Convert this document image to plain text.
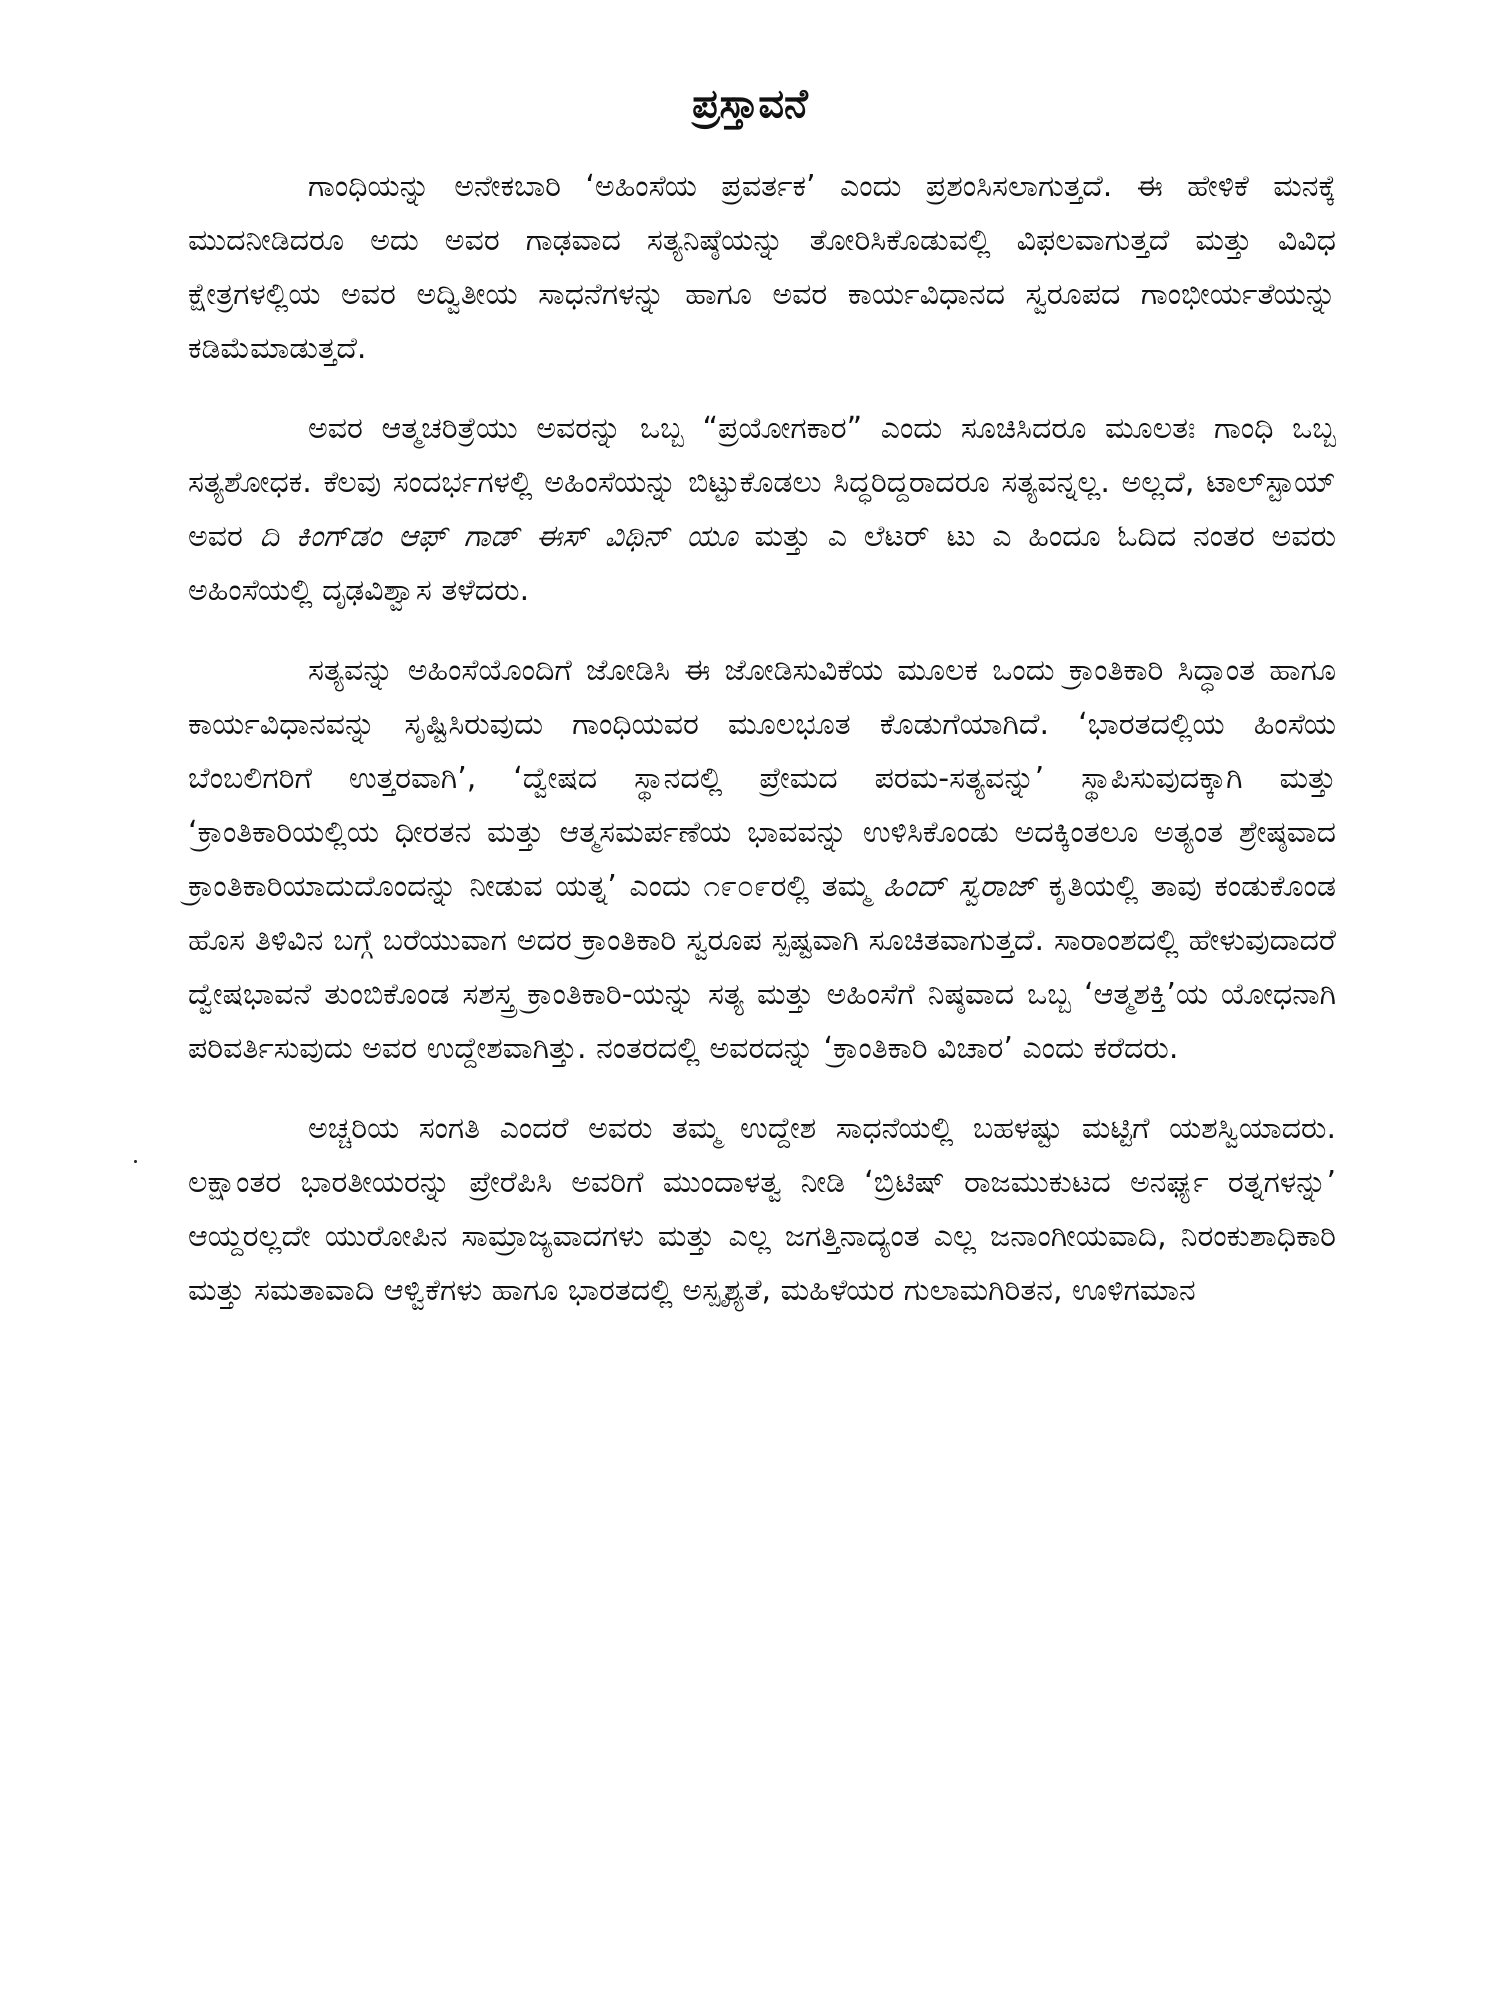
ಪ್ರಸ್ತಾವನೆ

ಗಾಂಧಿಯನ್ನು ಅನೇಕಬಾರಿ ‘ಅಹಿಂಸೆಯ ಪ್ರವರ್ತಕ’ ಎಂದು ಪ್ರಶಂಸಿಸಲಾಗುತ್ತದೆ. ಈ ಹೇಳಿಕೆ ಮನಕ್ಕೆ ಮುದನೀಡಿದರೂ ಅದು ಅವರ ಗಾಢವಾದ ಸತ್ಯನಿಷ್ಠೆಯನ್ನು ತೋರಿಸಿಕೊಡುವಲ್ಲಿ ವಿಫಲವಾಗುತ್ತದೆ ಮತ್ತು ವಿವಿಧ ಕ್ಷೇತ್ರಗಳಲ್ಲಿಯ ಅವರ ಅದ್ವಿತೀಯ ಸಾಧನೆಗಳನ್ನು ಹಾಗೂ ಅವರ ಕಾರ್ಯವಿಧಾನದ ಸ್ವರೂಪದ ಗಾಂಭೀರ್ಯತೆಯನ್ನು ಕಡಿಮೆಮಾಡುತ್ತದೆ.

ಅವರ ಆತ್ಮಚರಿತ್ರೆಯು ಅವರನ್ನು ಒಬ್ಬ “ಪ್ರಯೋಗಕಾರ” ಎಂದು ಸೂಚಿಸಿದರೂ ಮೂಲತಃ ಗಾಂಧಿ ಒಬ್ಬ ಸತ್ಯಶೋಧಕ. ಕೆಲವು ಸಂದರ್ಭಗಳಲ್ಲಿ ಅಹಿಂಸೆಯನ್ನು ಬಿಟ್ಟುಕೊಡಲು ಸಿದ್ಧರಿದ್ದರಾದರೂ ಸತ್ಯವನ್ನಲ್ಲ. ಅಲ್ಲದೆ, ಟಾಲ್‌ಸ್ಟಾಯ್ ಅವರ ದಿ ಕಿಂಗ್‌ಡಂ ಆಫ್ ಗಾಡ್ ಈಸ್ ವಿಥಿನ್ ಯೂ ಮತ್ತು ಎ ಲೆಟರ್ ಟು ಎ ಹಿಂದೂ ಓದಿದ ನಂತರ ಅವರು ಅಹಿಂಸೆಯಲ್ಲಿ ದೃಢವಿಶ್ವಾಸ ತಳೆದರು.

ಸತ್ಯವನ್ನು ಅಹಿಂಸೆಯೊಂದಿಗೆ ಜೋಡಿಸಿ ಈ ಜೋಡಿಸುವಿಕೆಯ ಮೂಲಕ ಒಂದು ಕ್ರಾಂತಿಕಾರಿ ಸಿದ್ಧಾಂತ ಹಾಗೂ ಕಾರ್ಯವಿಧಾನವನ್ನು ಸೃಷ್ಟಿಸಿರುವುದು ಗಾಂಧಿಯವರ ಮೂಲಭೂತ ಕೊಡುಗೆಯಾಗಿದೆ. ‘ಭಾರತದಲ್ಲಿಯ ಹಿಂಸೆಯ ಬೆಂಬಲಿಗರಿಗೆ ಉತ್ತರವಾಗಿ’, ‘ದ್ವೇಷದ ಸ್ಥಾನದಲ್ಲಿ ಪ್ರೇಮದ ಪರಮ-ಸತ್ಯವನ್ನು’ ಸ್ಥಾಪಿಸುವುದಕ್ಕಾಗಿ ಮತ್ತು ‘ಕ್ರಾಂತಿಕಾರಿಯಲ್ಲಿಯ ಧೀರತನ ಮತ್ತು ಆತ್ಮಸಮರ್ಪಣೆಯ ಭಾವವನ್ನು ಉಳಿಸಿಕೊಂಡು ಅದಕ್ಕಿಂತಲೂ ಅತ್ಯಂತ ಶ್ರೇಷ್ಠವಾದ ಕ್ರಾಂತಿಕಾರಿಯಾದುದೊಂದನ್ನು ನೀಡುವ ಯತ್ನ’ ಎಂದು ೧೯೦೯ರಲ್ಲಿ ತಮ್ಮ ಹಿಂದ್ ಸ್ವರಾಜ್ ಕೃತಿಯಲ್ಲಿ ತಾವು ಕಂಡುಕೊಂಡ ಹೊಸ ತಿಳಿವಿನ ಬಗ್ಗೆ ಬರೆಯುವಾಗ ಅದರ ಕ್ರಾಂತಿಕಾರಿ ಸ್ವರೂಪ ಸ್ಪಷ್ಟವಾಗಿ ಸೂಚಿತವಾಗುತ್ತದೆ. ಸಾರಾಂಶದಲ್ಲಿ ಹೇಳುವುದಾದರೆ ದ್ವೇಷಭಾವನೆ ತುಂಬಿಕೊಂಡ ಸಶಸ್ತ್ರ ಕ್ರಾಂತಿಕಾರಿ-ಯನ್ನು ಸತ್ಯ ಮತ್ತು ಅಹಿಂಸೆಗೆ ನಿಷ್ಠವಾದ ಒಬ್ಬ ‘ಆತ್ಮಶಕ್ತಿ’ಯ ಯೋಧನಾಗಿ ಪರಿವರ್ತಿಸುವುದು ಅವರ ಉದ್ದೇಶವಾಗಿತ್ತು. ನಂತರದಲ್ಲಿ ಅವರದನ್ನು ‘ಕ್ರಾಂತಿಕಾರಿ ವಿಚಾರ’ ಎಂದು ಕರೆದರು.

ಅಚ್ಚರಿಯ ಸಂಗತಿ ಎಂದರೆ ಅವರು ತಮ್ಮ ಉದ್ದೇಶ ಸಾಧನೆಯಲ್ಲಿ ಬಹಳಷ್ಟು ಮಟ್ಟಿಗೆ ಯಶಸ್ವಿಯಾದರು. ಲಕ್ಷಾಂತರ ಭಾರತೀಯರನ್ನು ಪ್ರೇರೆಪಿಸಿ ಅವರಿಗೆ ಮುಂದಾಳತ್ವ ನೀಡಿ ‘ಬ್ರಿಟಿಷ್ ರಾಜಮುಕುಟದ ಅನರ್ಘ್ಯ ರತ್ನಗಳನ್ನು’ ಆಯ್ದರಲ್ಲದೇ ಯುರೋಪಿನ ಸಾಮ್ರಾಜ್ಯವಾದಗಳು ಮತ್ತು ಎಲ್ಲ ಜಗತ್ತಿನಾದ್ಯಂತ ಎಲ್ಲ ಜನಾಂಗೀಯವಾದಿ, ನಿರಂಕುಶಾಧಿಕಾರಿ ಮತ್ತು ಸಮತಾವಾದಿ ಆಳ್ವಿಕೆಗಳು ಹಾಗೂ ಭಾರತದಲ್ಲಿ ಅಸ್ಪೃಶ್ಯತೆ, ಮಹಿಳೆಯರ ಗುಲಾಮಗಿರಿತನ, ಊಳಿಗಮಾನ
